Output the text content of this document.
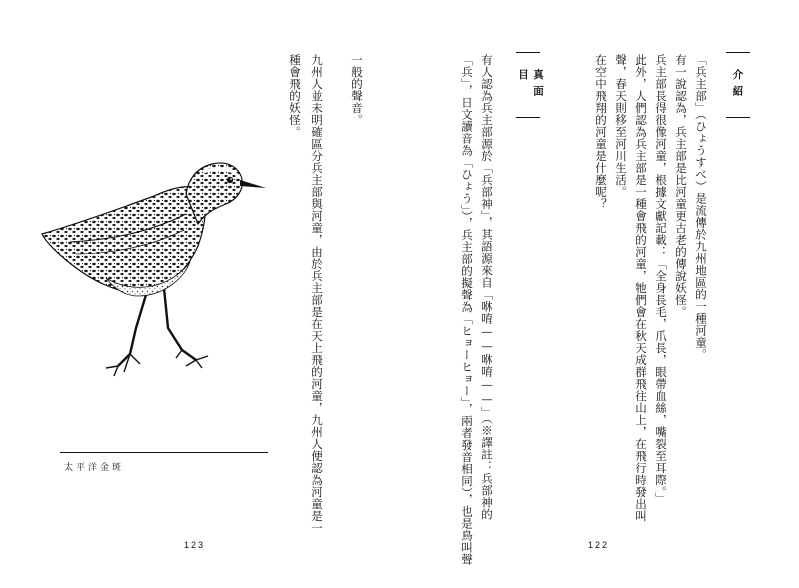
一般的聲音。
九州人並未明確區分兵主部與河童，由於兵主部是在天上飛的河童，九州人便認為河童是一
種會飛的妖怪。
太平洋金斑
123
介紹
「兵主部」（ひょうすべ）是流傳於九州地區的一種河童。
有一說認為，兵主部是比河童更古老的傳說妖怪。
兵主部長得很像河童，根據文獻記載：「全身長毛，爪長，眼帶血絲，嘴裂至耳際。」
此外，人們認為兵主部是一種會飛的河童，牠們會在秋天成群飛往山上，在飛行時發出叫
聲，春天則移至河川生活。
在空中飛翔的河童是什麼呢？
真面目
有人認為兵主部源於「兵部神」，其語源來自「咻唷——咻唷——」（※譯註：兵部神的
「兵」，日文讀音為「ひょう」），兵主部的擬聲為「ヒョーヒョー」，兩者發音相同），也是鳥叫聲	122
